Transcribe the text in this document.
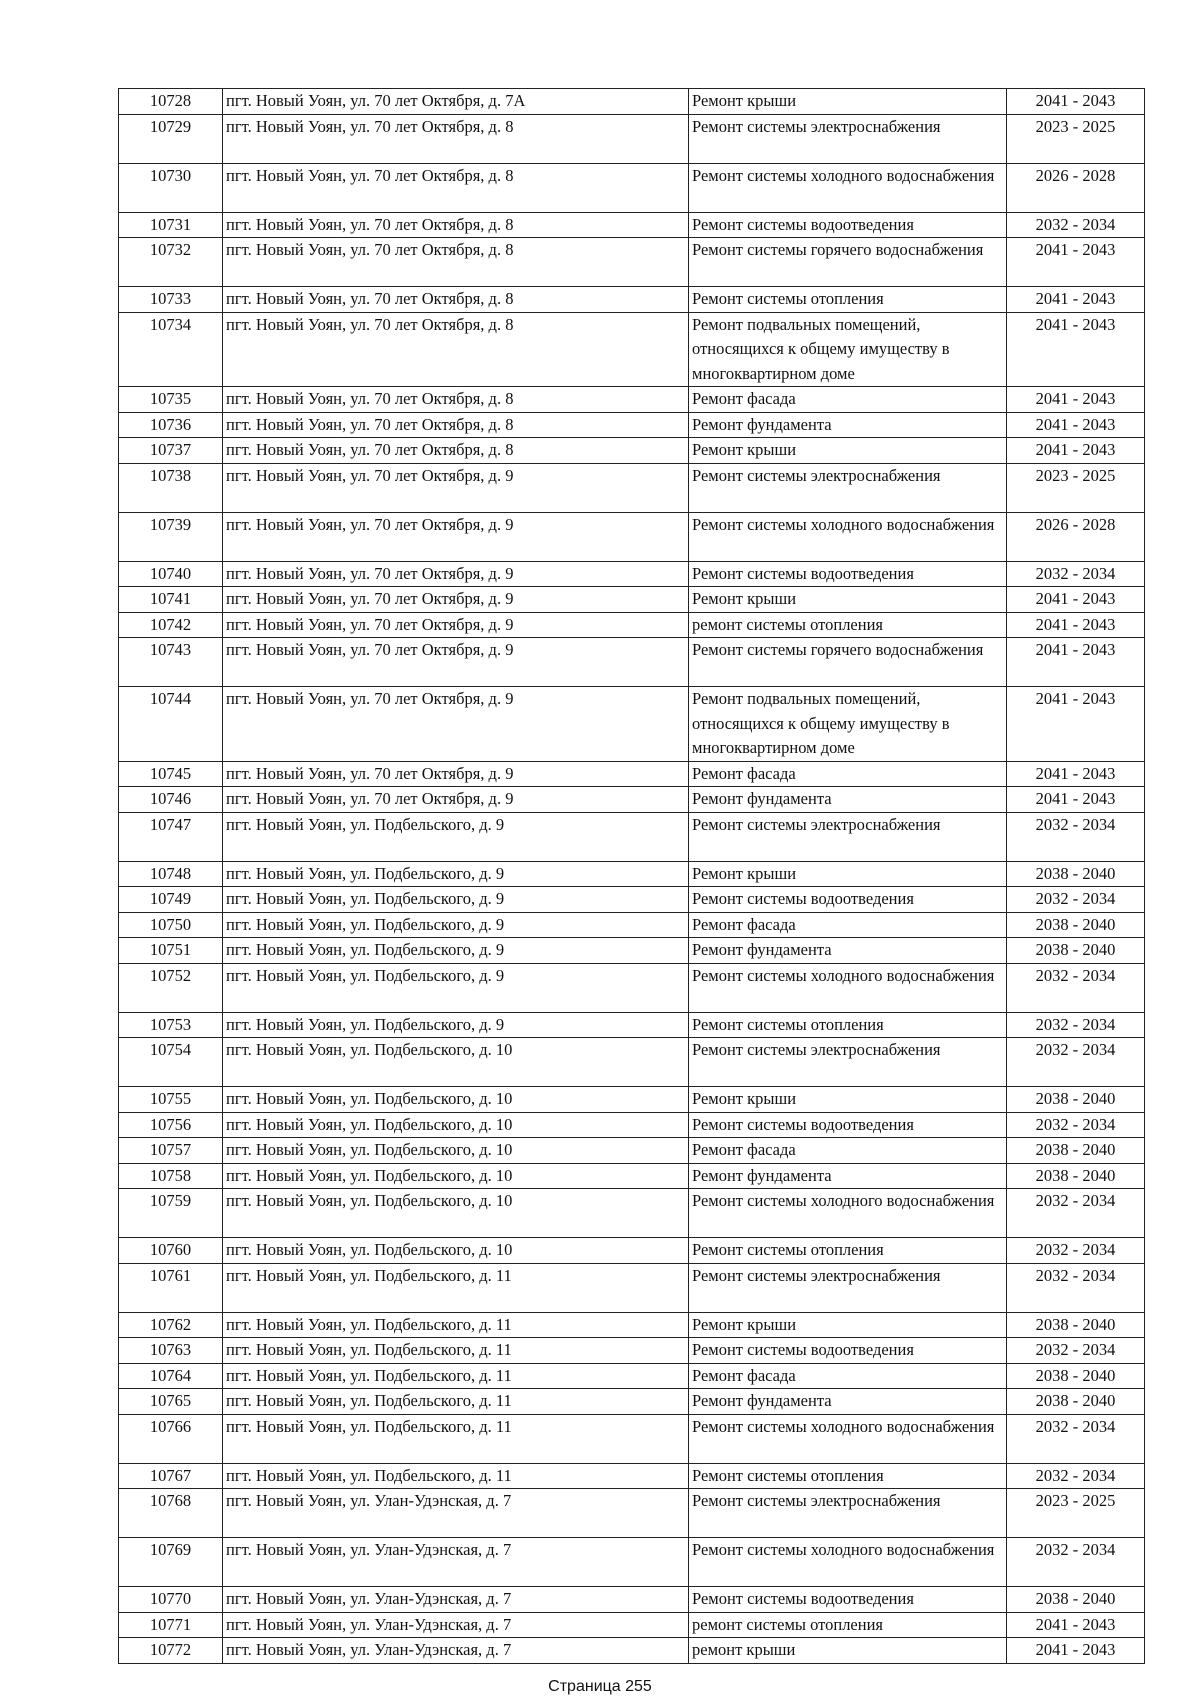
10728	пгт. Новый Уоян, ул. 70 лет Октября, д. 7А	Ремонт крыши	2041 - 2043
10729	пгт. Новый Уоян, ул. 70 лет Октября, д. 8	Ремонт системы электроснабжения	2023 - 2025
10730	пгт. Новый Уоян, ул. 70 лет Октября, д. 8	Ремонт системы холодного водоснабжения	2026 - 2028
10731	пгт. Новый Уоян, ул. 70 лет Октября, д. 8	Ремонт системы водоотведения	2032 - 2034
10732	пгт. Новый Уоян, ул. 70 лет Октября, д. 8	Ремонт системы горячего водоснабжения	2041 - 2043
10733	пгт. Новый Уоян, ул. 70 лет Октября, д. 8	Ремонт системы отопления	2041 - 2043
10734	пгт. Новый Уоян, ул. 70 лет Октября, д. 8	Ремонт подвальных помещений, относящихся к общему имуществу в многоквартирном доме	2041 - 2043
10735	пгт. Новый Уоян, ул. 70 лет Октября, д. 8	Ремонт фасада	2041 - 2043
10736	пгт. Новый Уоян, ул. 70 лет Октября, д. 8	Ремонт фундамента	2041 - 2043
10737	пгт. Новый Уоян, ул. 70 лет Октября, д. 8	Ремонт крыши	2041 - 2043
10738	пгт. Новый Уоян, ул. 70 лет Октября, д. 9	Ремонт системы электроснабжения	2023 - 2025
10739	пгт. Новый Уоян, ул. 70 лет Октября, д. 9	Ремонт системы холодного водоснабжения	2026 - 2028
10740	пгт. Новый Уоян, ул. 70 лет Октября, д. 9	Ремонт системы водоотведения	2032 - 2034
10741	пгт. Новый Уоян, ул. 70 лет Октября, д. 9	Ремонт крыши	2041 - 2043
10742	пгт. Новый Уоян, ул. 70 лет Октября, д. 9	ремонт системы отопления	2041 - 2043
10743	пгт. Новый Уоян, ул. 70 лет Октября, д. 9	Ремонт системы горячего водоснабжения	2041 - 2043
10744	пгт. Новый Уоян, ул. 70 лет Октября, д. 9	Ремонт подвальных помещений, относящихся к общему имуществу в многоквартирном доме	2041 - 2043
10745	пгт. Новый Уоян, ул. 70 лет Октября, д. 9	Ремонт фасада	2041 - 2043
10746	пгт. Новый Уоян, ул. 70 лет Октября, д. 9	Ремонт фундамента	2041 - 2043
10747	пгт. Новый Уоян, ул. Подбельского, д. 9	Ремонт системы электроснабжения	2032 - 2034
10748	пгт. Новый Уоян, ул. Подбельского, д. 9	Ремонт крыши	2038 - 2040
10749	пгт. Новый Уоян, ул. Подбельского, д. 9	Ремонт системы водоотведения	2032 - 2034
10750	пгт. Новый Уоян, ул. Подбельского, д. 9	Ремонт фасада	2038 - 2040
10751	пгт. Новый Уоян, ул. Подбельского, д. 9	Ремонт фундамента	2038 - 2040
10752	пгт. Новый Уоян, ул. Подбельского, д. 9	Ремонт системы холодного водоснабжения	2032 - 2034
10753	пгт. Новый Уоян, ул. Подбельского, д. 9	Ремонт системы отопления	2032 - 2034
10754	пгт. Новый Уоян, ул. Подбельского, д. 10	Ремонт системы электроснабжения	2032 - 2034
10755	пгт. Новый Уоян, ул. Подбельского, д. 10	Ремонт крыши	2038 - 2040
10756	пгт. Новый Уоян, ул. Подбельского, д. 10	Ремонт системы водоотведения	2032 - 2034
10757	пгт. Новый Уоян, ул. Подбельского, д. 10	Ремонт фасада	2038 - 2040
10758	пгт. Новый Уоян, ул. Подбельского, д. 10	Ремонт фундамента	2038 - 2040
10759	пгт. Новый Уоян, ул. Подбельского, д. 10	Ремонт системы холодного водоснабжения	2032 - 2034
10760	пгт. Новый Уоян, ул. Подбельского, д. 10	Ремонт системы отопления	2032 - 2034
10761	пгт. Новый Уоян, ул. Подбельского, д. 11	Ремонт системы электроснабжения	2032 - 2034
10762	пгт. Новый Уоян, ул. Подбельского, д. 11	Ремонт крыши	2038 - 2040
10763	пгт. Новый Уоян, ул. Подбельского, д. 11	Ремонт системы водоотведения	2032 - 2034
10764	пгт. Новый Уоян, ул. Подбельского, д. 11	Ремонт фасада	2038 - 2040
10765	пгт. Новый Уоян, ул. Подбельского, д. 11	Ремонт фундамента	2038 - 2040
10766	пгт. Новый Уоян, ул. Подбельского, д. 11	Ремонт системы холодного водоснабжения	2032 - 2034
10767	пгт. Новый Уоян, ул. Подбельского, д. 11	Ремонт системы отопления	2032 - 2034
10768	пгт. Новый Уоян, ул. Улан-Удэнская, д. 7	Ремонт системы электроснабжения	2023 - 2025
10769	пгт. Новый Уоян, ул. Улан-Удэнская, д. 7	Ремонт системы холодного водоснабжения	2032 - 2034
10770	пгт. Новый Уоян, ул. Улан-Удэнская, д. 7	Ремонт системы водоотведения	2038 - 2040
10771	пгт. Новый Уоян, ул. Улан-Удэнская, д. 7	ремонт системы отопления	2041 - 2043
10772	пгт. Новый Уоян, ул. Улан-Удэнская, д. 7	ремонт крыши	2041 - 2043
Страница 255
